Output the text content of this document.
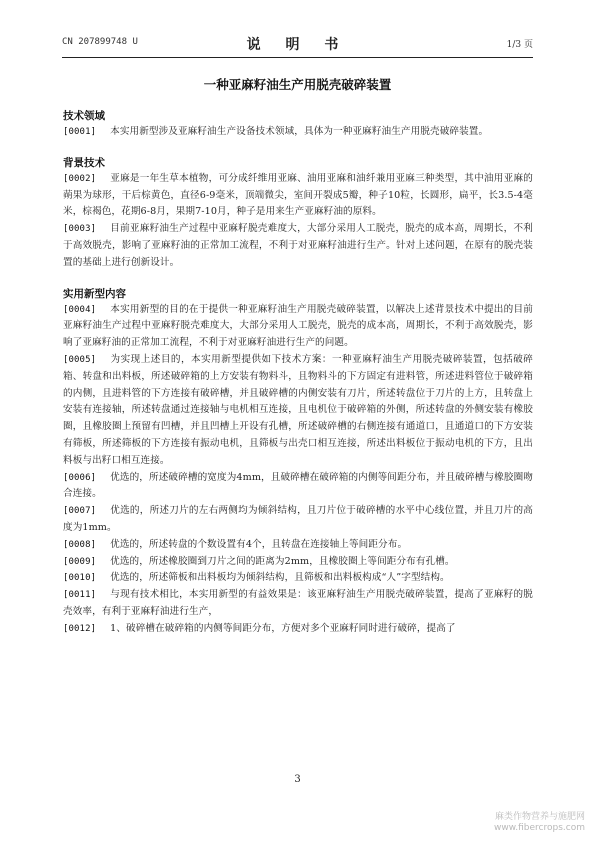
CN 207899748 U	说 明 书	1/3 页
一种亚麻籽油生产用脱壳破碎装置
技术领域

[0001] 本实用新型涉及亚麻籽油生产设备技术领域，具体为一种亚麻籽油生产用脱壳破碎装置。

背景技术

[0002] 亚麻是一年生草本植物，可分成纤维用亚麻、油用亚麻和油纤兼用亚麻三种类型，其中油用亚麻的蒴果为球形，干后棕黄色，直径6-9毫米，顶端微尖，室间开裂成5瓣，种子10粒，长圆形，扁平，长3.5-4毫米，棕褐色，花期6-8月，果期7-10月，种子是用来生产亚麻籽油的原料。

[0003] 目前亚麻籽油生产过程中亚麻籽脱壳难度大，大部分采用人工脱壳，脱壳的成本高，周期长，不利于高效脱壳，影响了亚麻籽油的正常加工流程，不利于对亚麻籽油进行生产。针对上述问题，在原有的脱壳装置的基础上进行创新设计。

实用新型内容

[0004] 本实用新型的目的在于提供一种亚麻籽油生产用脱壳破碎装置，以解决上述背景技术中提出的目前亚麻籽油生产过程中亚麻籽脱壳难度大，大部分采用人工脱壳，脱壳的成本高，周期长，不利于高效脱壳，影响了亚麻籽油的正常加工流程，不利于对亚麻籽油进行生产的问题。

[0005] 为实现上述目的，本实用新型提供如下技术方案：一种亚麻籽油生产用脱壳破碎装置，包括破碎箱、转盘和出料板，所述破碎箱的上方安装有物料斗，且物料斗的下方固定有进料管，所述进料管位于破碎箱的内侧，且进料管的下方连接有破碎槽，并且破碎槽的内侧安装有刀片，所述转盘位于刀片的上方，且转盘上安装有连接轴，所述转盘通过连接轴与电机相互连接，且电机位于破碎箱的外侧，所述转盘的外侧安装有橡胶圈，且橡胶圈上预留有凹槽，并且凹槽上开设有孔槽，所述破碎槽的右侧连接有通道口，且通道口的下方安装有筛板，所述筛板的下方连接有振动电机，且筛板与出壳口相互连接，所述出料板位于振动电机的下方，且出料板与出籽口相互连接。

[0006] 优选的，所述破碎槽的宽度为4mm，且破碎槽在破碎箱的内侧等间距分布，并且破碎槽与橡胶圈吻合连接。

[0007] 优选的，所述刀片的左右两侧均为倾斜结构，且刀片位于破碎槽的水平中心线位置，并且刀片的高度为1mm。

[0008] 优选的，所述转盘的个数设置有4个，且转盘在连接轴上等间距分布。

[0009] 优选的，所述橡胶圈到刀片之间的距离为2mm，且橡胶圈上等间距分布有孔槽。

[0010] 优选的，所述筛板和出料板均为倾斜结构，且筛板和出料板构成“人”字型结构。

[0011] 与现有技术相比，本实用新型的有益效果是：该亚麻籽油生产用脱壳破碎装置，提高了亚麻籽的脱壳效率，有利于亚麻籽油进行生产，

[0012] 1、破碎槽在破碎箱的内侧等间距分布，方便对多个亚麻籽同时进行破碎，提高了

3
麻类作物营养与施肥网
www.fibercrops.com
